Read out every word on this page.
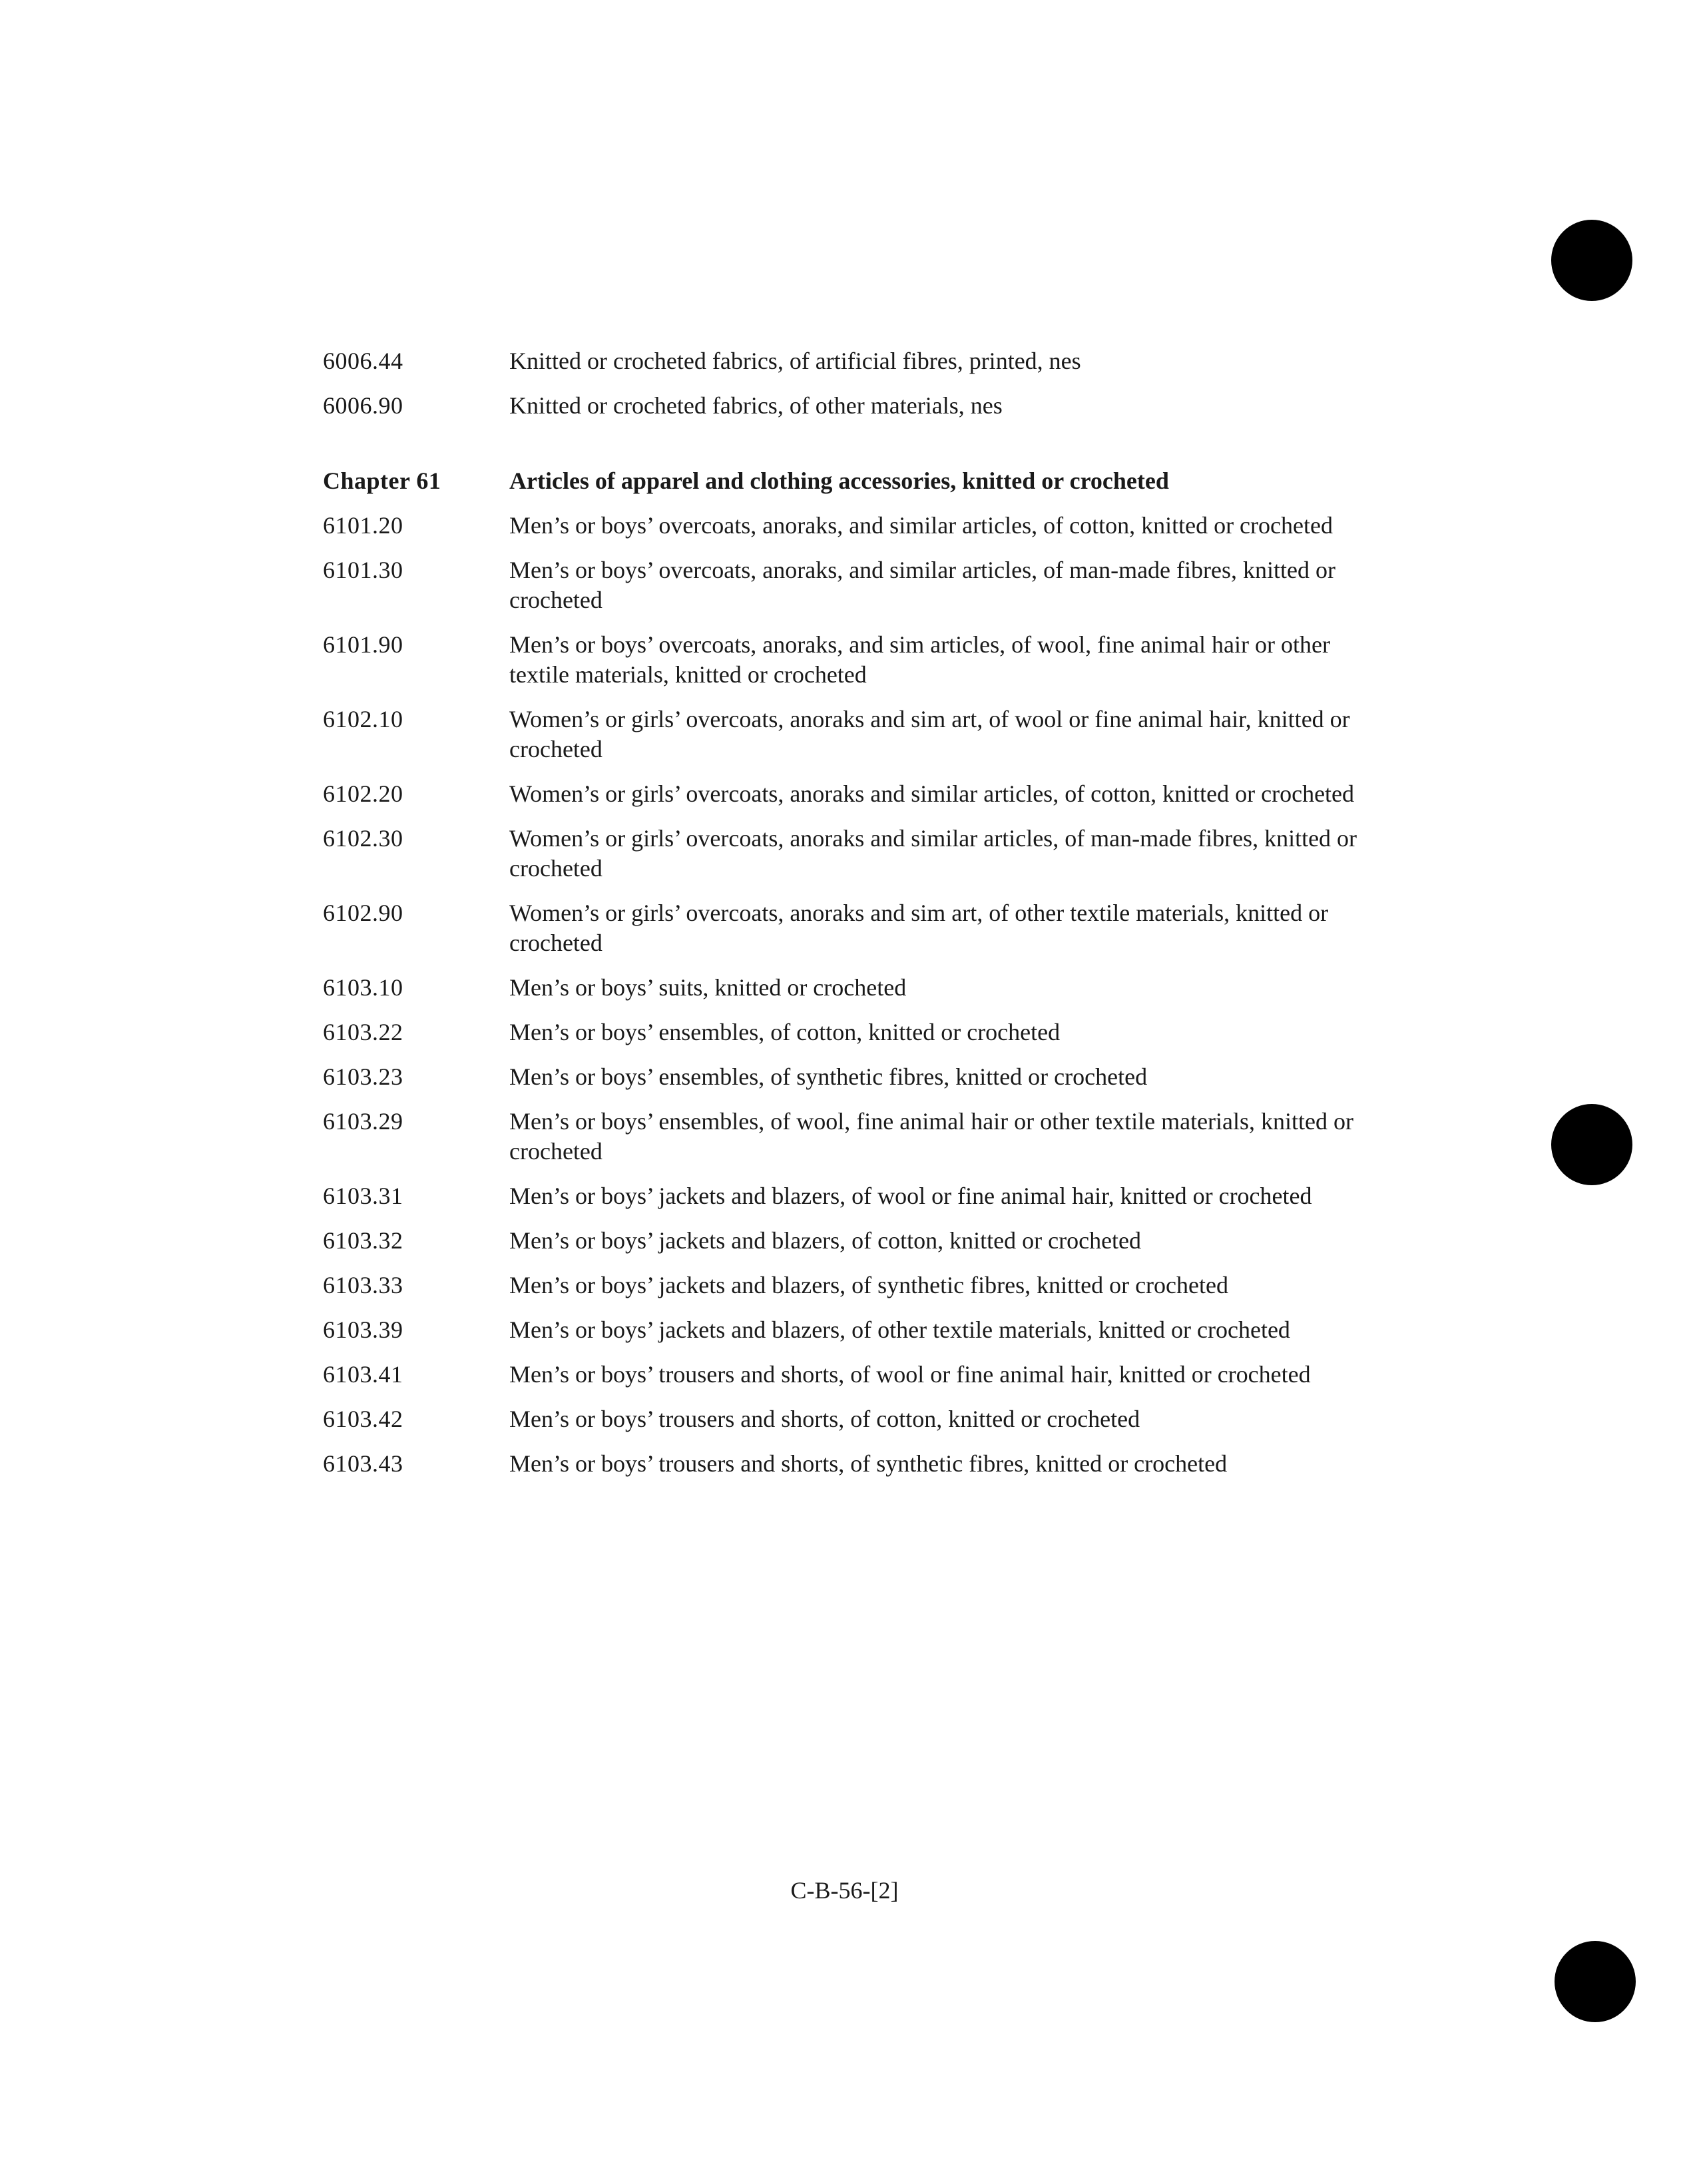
6006.44	Knitted or crocheted fabrics, of artificial fibres, printed, nes
6006.90	Knitted or crocheted fabrics, of other materials, nes
Chapter 61	Articles of apparel and clothing accessories, knitted or crocheted
6101.20	Men’s or boys’ overcoats, anoraks, and similar articles, of cotton, knitted or crocheted
6101.30	Men’s or boys’ overcoats, anoraks, and similar articles, of man-made fibres, knitted or crocheted
6101.90	Men’s or boys’ overcoats, anoraks, and sim articles, of wool, fine animal hair or other textile materials, knitted or crocheted
6102.10	Women’s or girls’ overcoats, anoraks and sim art, of wool or fine animal hair, knitted or crocheted
6102.20	Women’s or girls’ overcoats, anoraks and similar articles, of cotton, knitted or crocheted
6102.30	Women’s or girls’ overcoats, anoraks and similar articles, of man-made fibres, knitted or crocheted
6102.90	Women’s or girls’ overcoats, anoraks and sim art, of other textile materials, knitted or crocheted
6103.10	Men’s or boys’ suits, knitted or crocheted
6103.22	Men’s or boys’ ensembles, of cotton, knitted or crocheted
6103.23	Men’s or boys’ ensembles, of synthetic fibres, knitted or crocheted
6103.29	Men’s or boys’ ensembles, of wool, fine animal hair or other textile materials, knitted or crocheted
6103.31	Men’s or boys’ jackets and blazers, of wool or fine animal hair, knitted or crocheted
6103.32	Men’s or boys’ jackets and blazers, of cotton, knitted or crocheted
6103.33	Men’s or boys’ jackets and blazers, of synthetic fibres, knitted or crocheted
6103.39	Men’s or boys’ jackets and blazers, of other textile materials, knitted or crocheted
6103.41	Men’s or boys’ trousers and shorts, of wool or fine animal hair, knitted or crocheted
6103.42	Men’s or boys’ trousers and shorts, of cotton, knitted or crocheted
6103.43	Men’s or boys’ trousers and shorts, of synthetic fibres, knitted or crocheted
C-B-56-[2]
